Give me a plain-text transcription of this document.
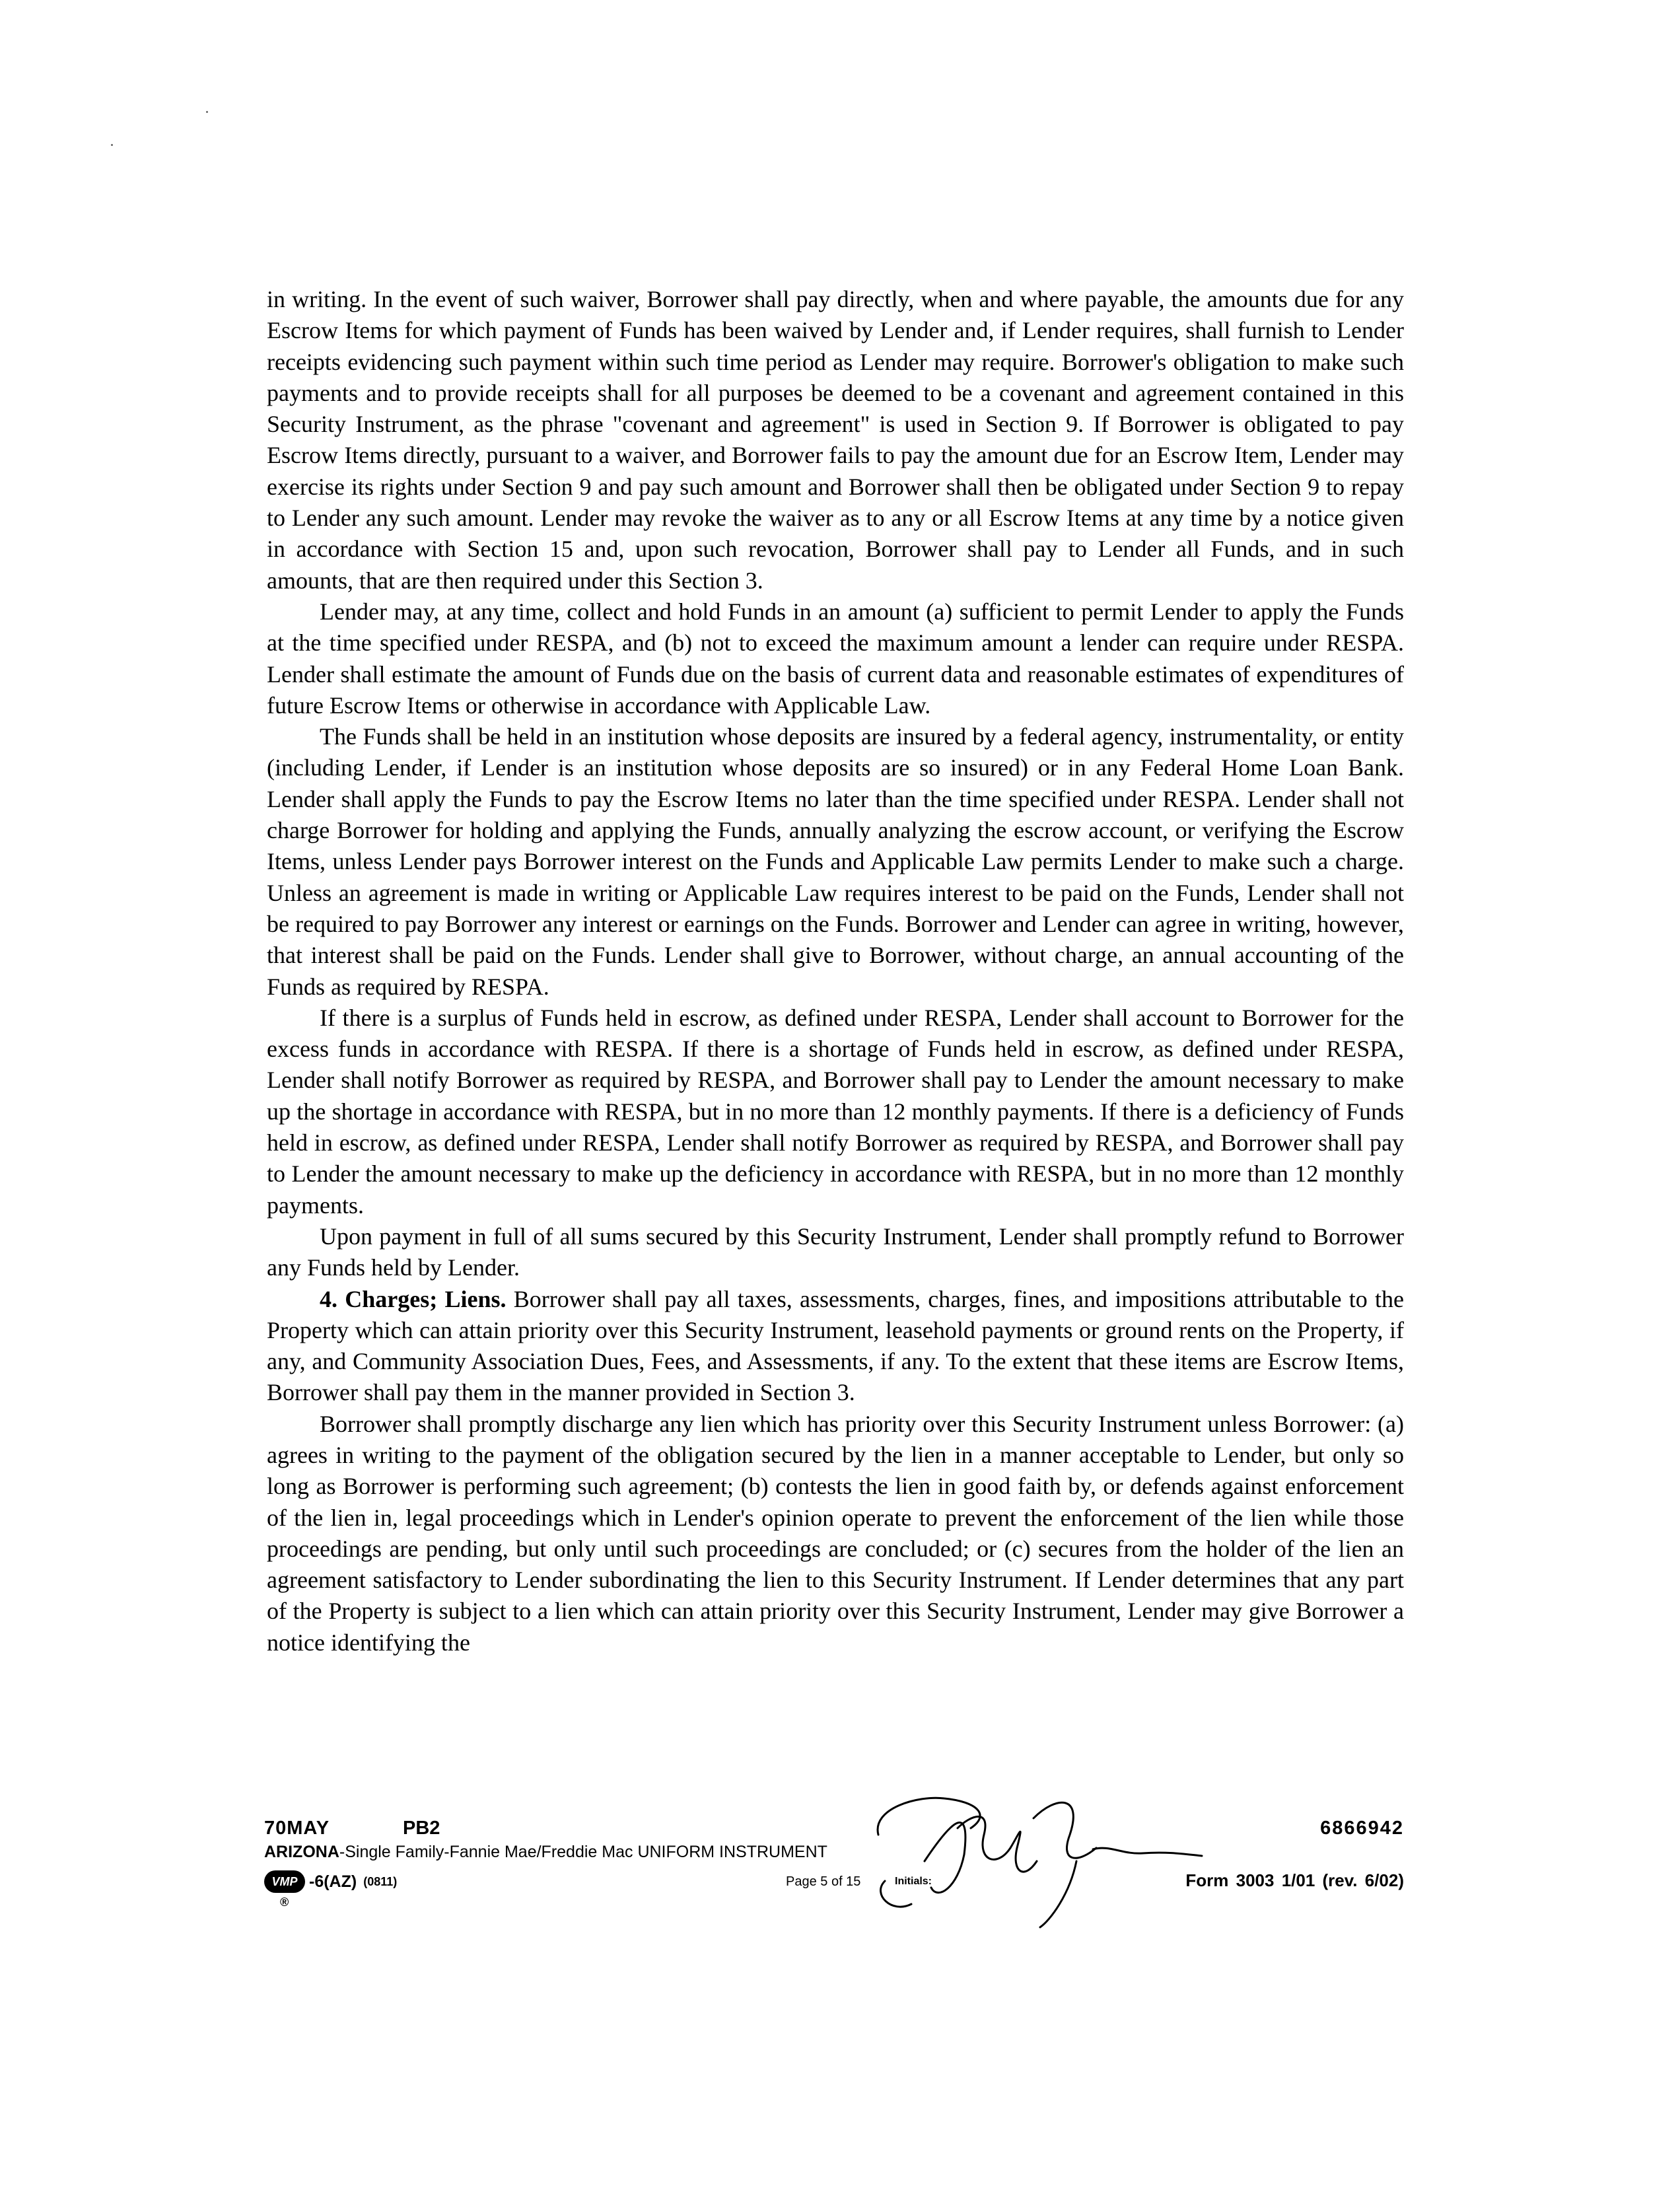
in writing. In the event of such waiver, Borrower shall pay directly, when and where payable, the amounts due for any Escrow Items for which payment of Funds has been waived by Lender and, if Lender requires, shall furnish to Lender receipts evidencing such payment within such time period as Lender may require. Borrower's obligation to make such payments and to provide receipts shall for all purposes be deemed to be a covenant and agreement contained in this Security Instrument, as the phrase "covenant and agreement" is used in Section 9. If Borrower is obligated to pay Escrow Items directly, pursuant to a waiver, and Borrower fails to pay the amount due for an Escrow Item, Lender may exercise its rights under Section 9 and pay such amount and Borrower shall then be obligated under Section 9 to repay to Lender any such amount. Lender may revoke the waiver as to any or all Escrow Items at any time by a notice given in accordance with Section 15 and, upon such revocation, Borrower shall pay to Lender all Funds, and in such amounts, that are then required under this Section 3.

Lender may, at any time, collect and hold Funds in an amount (a) sufficient to permit Lender to apply the Funds at the time specified under RESPA, and (b) not to exceed the maximum amount a lender can require under RESPA. Lender shall estimate the amount of Funds due on the basis of current data and reasonable estimates of expenditures of future Escrow Items or otherwise in accordance with Applicable Law.

The Funds shall be held in an institution whose deposits are insured by a federal agency, instrumentality, or entity (including Lender, if Lender is an institution whose deposits are so insured) or in any Federal Home Loan Bank. Lender shall apply the Funds to pay the Escrow Items no later than the time specified under RESPA. Lender shall not charge Borrower for holding and applying the Funds, annually analyzing the escrow account, or verifying the Escrow Items, unless Lender pays Borrower interest on the Funds and Applicable Law permits Lender to make such a charge. Unless an agreement is made in writing or Applicable Law requires interest to be paid on the Funds, Lender shall not be required to pay Borrower any interest or earnings on the Funds. Borrower and Lender can agree in writing, however, that interest shall be paid on the Funds. Lender shall give to Borrower, without charge, an annual accounting of the Funds as required by RESPA.

If there is a surplus of Funds held in escrow, as defined under RESPA, Lender shall account to Borrower for the excess funds in accordance with RESPA. If there is a shortage of Funds held in escrow, as defined under RESPA, Lender shall notify Borrower as required by RESPA, and Borrower shall pay to Lender the amount necessary to make up the shortage in accordance with RESPA, but in no more than 12 monthly payments. If there is a deficiency of Funds held in escrow, as defined under RESPA, Lender shall notify Borrower as required by RESPA, and Borrower shall pay to Lender the amount necessary to make up the deficiency in accordance with RESPA, but in no more than 12 monthly payments.

Upon payment in full of all sums secured by this Security Instrument, Lender shall promptly refund to Borrower any Funds held by Lender.

4. Charges; Liens. Borrower shall pay all taxes, assessments, charges, fines, and impositions attributable to the Property which can attain priority over this Security Instrument, leasehold payments or ground rents on the Property, if any, and Community Association Dues, Fees, and Assessments, if any. To the extent that these items are Escrow Items, Borrower shall pay them in the manner provided in Section 3.

Borrower shall promptly discharge any lien which has priority over this Security Instrument unless Borrower: (a) agrees in writing to the payment of the obligation secured by the lien in a manner acceptable to Lender, but only so long as Borrower is performing such agreement; (b) contests the lien in good faith by, or defends against enforcement of the lien in, legal proceedings which in Lender's opinion operate to prevent the enforcement of the lien while those proceedings are pending, but only until such proceedings are concluded; or (c) secures from the holder of the lien an agreement satisfactory to Lender subordinating the lien to this Security Instrument. If Lender determines that any part of the Property is subject to a lien which can attain priority over this Security Instrument, Lender may give Borrower a notice identifying the

70MAY	PB2	6866942
ARIZONA-Single Family-Fannie Mae/Freddie Mac UNIFORM INSTRUMENT
VMP
®
-6(AZ) (0811)	Page 5 of 15	Initials:	Form 3003 1/01 (rev. 6/02)
